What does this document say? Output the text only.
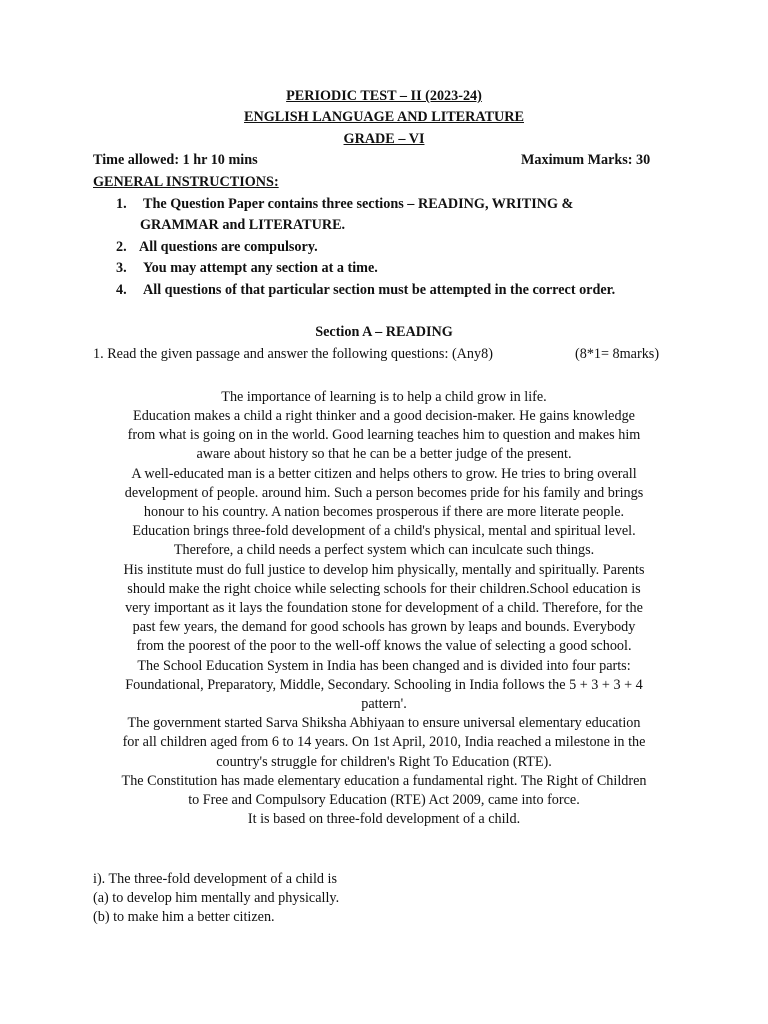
PERIODIC TEST – II (2023-24)
ENGLISH LANGUAGE AND LITERATURE
GRADE – VI
Time allowed: 1 hr 10 mins	Maximum Marks: 30
GENERAL INSTRUCTIONS:
1. The Question Paper contains three sections – READING, WRITING &
GRAMMAR and LITERATURE.
2. All questions are compulsory.
3. You may attempt any section at a time.
4. All questions of that particular section must be attempted in the correct order.
Section A – READING
1. Read the given passage and answer the following questions: (Any8)	(8*1= 8marks)
The importance of learning is to help a child grow in life.
Education makes a child a right thinker and a good decision-maker. He gains knowledge
from what is going on in the world. Good learning teaches him to question and makes him
aware about history so that he can be a better judge of the present.
A well-educated man is a better citizen and helps others to grow. He tries to bring overall
development of people. around him. Such a person becomes pride for his family and brings
honour to his country. A nation becomes prosperous if there are more literate people.
Education brings three-fold development of a child's physical, mental and spiritual level.
Therefore, a child needs a perfect system which can inculcate such things.
His institute must do full justice to develop him physically, mentally and spiritually. Parents
should make the right choice while selecting schools for their children.School education is
very important as it lays the foundation stone for development of a child. Therefore, for the
past few years, the demand for good schools has grown by leaps and bounds. Everybody
from the poorest of the poor to the well-off knows the value of selecting a good school.
The School Education System in India has been changed and is divided into four parts:
Foundational, Preparatory, Middle, Secondary. Schooling in India follows the 5 + 3 + 3 + 4
pattern'.
The government started Sarva Shiksha Abhiyaan to ensure universal elementary education
for all children aged from 6 to 14 years. On 1st April, 2010, India reached a milestone in the
country's struggle for children's Right To Education (RTE).
The Constitution has made elementary education a fundamental right. The Right of Children
to Free and Compulsory Education (RTE) Act 2009, came into force.
It is based on three-fold development of a child.
i). The three-fold development of a child is
(a) to develop him mentally and physically.
(b) to make him a better citizen.
